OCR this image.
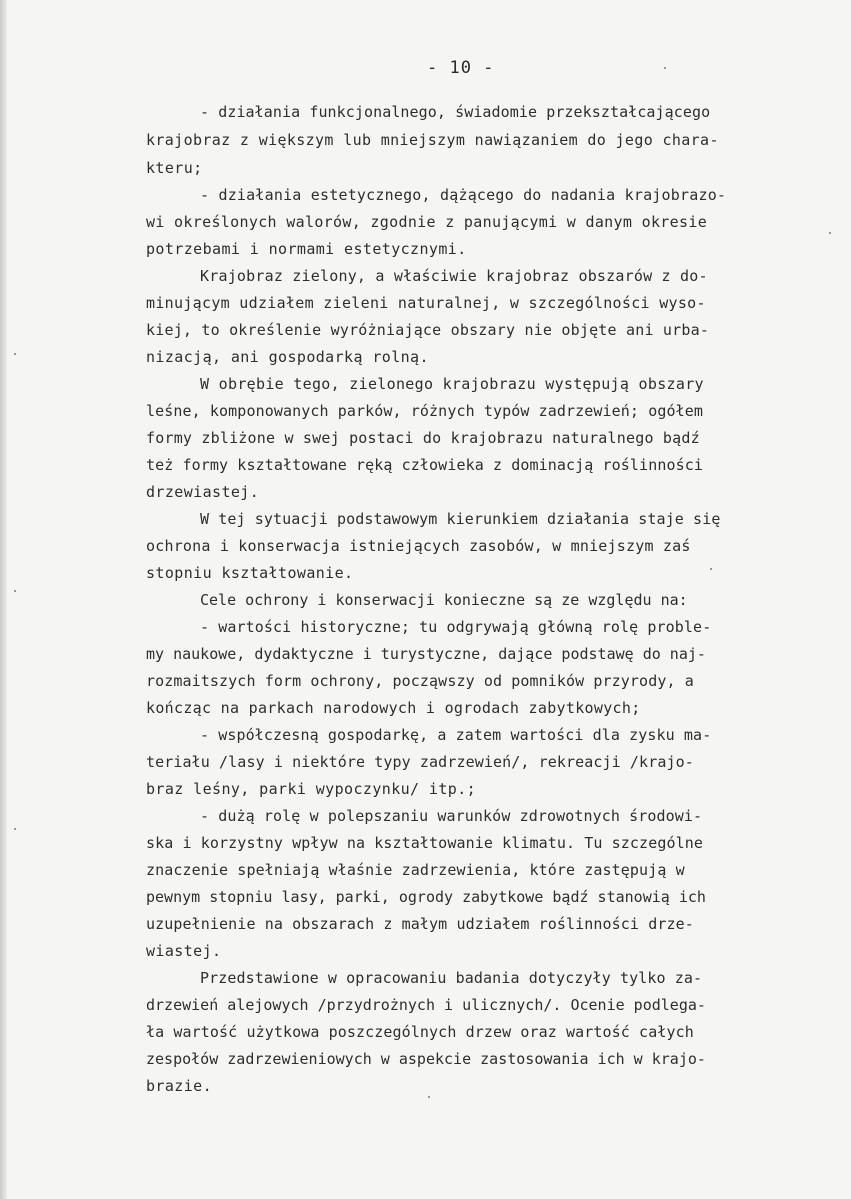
- 10 -
- działania funkcjonalnego, świadomie przekształcającego
krajobraz z większym lub mniejszym nawiązaniem do jego chara-
kteru;
- działania estetycznego, dążącego do nadania krajobrazo-
wi określonych walorów, zgodnie z panującymi w danym okresie
potrzebami i normami estetycznymi.
Krajobraz zielony, a właściwie krajobraz obszarów z do-
minującym udziałem zieleni naturalnej, w szczególności wyso-
kiej, to określenie wyróżniające obszary nie objęte ani urba-
nizacją, ani gospodarką rolną.
W obrębie tego, zielonego krajobrazu występują obszary
leśne, komponowanych parków, różnych typów zadrzewień; ogółem
formy zbliżone w swej postaci do krajobrazu naturalnego bądź
też formy kształtowane ręką człowieka z dominacją roślinności
drzewiastej.
W tej sytuacji podstawowym kierunkiem działania staje się
ochrona i konserwacja istniejących zasobów, w mniejszym zaś
stopniu kształtowanie.
Cele ochrony i konserwacji konieczne są ze względu na:
- wartości historyczne; tu odgrywają główną rolę proble-
my naukowe, dydaktyczne i turystyczne, dające podstawę do naj-
rozmaitszych form ochrony, począwszy od pomników przyrody, a
kończąc na parkach narodowych i ogrodach zabytkowych;
- współczesną gospodarkę, a zatem wartości dla zysku ma-
teriału /lasy i niektóre typy zadrzewień/, rekreacji /krajo-
braz leśny, parki wypoczynku/ itp.;
- dużą rolę w polepszaniu warunków zdrowotnych środowi-
ska i korzystny wpływ na kształtowanie klimatu. Tu szczególne
znaczenie spełniają właśnie zadrzewienia, które zastępują w
pewnym stopniu lasy, parki, ogrody zabytkowe bądź stanowią ich
uzupełnienie na obszarach z małym udziałem roślinności drze-
wiastej.
Przedstawione w opracowaniu badania dotyczyły tylko za-
drzewień alejowych /przydrożnych i ulicznych/. Ocenie podlega-
ła wartość użytkowa poszczególnych drzew oraz wartość całych
zespołów zadrzewieniowych w aspekcie zastosowania ich w krajo-
brazie.
